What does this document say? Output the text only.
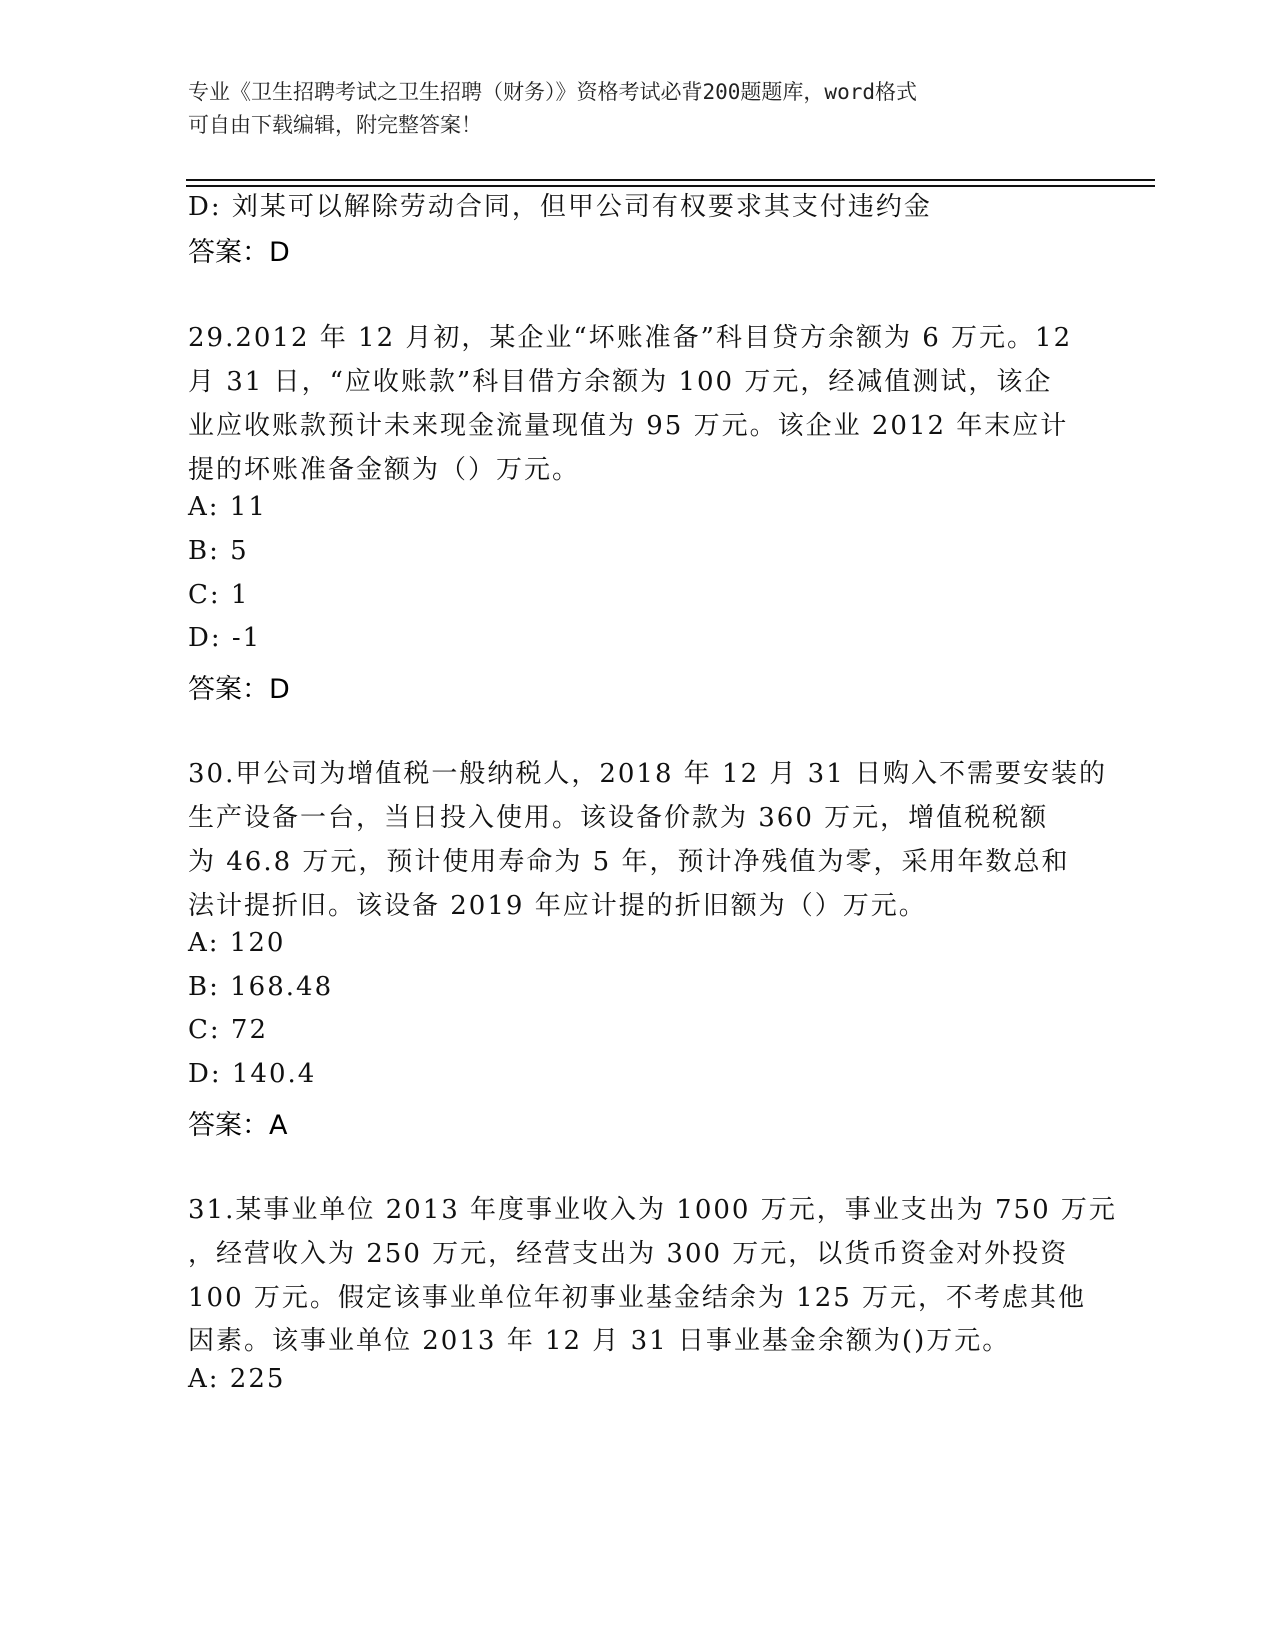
专业《卫生招聘考试之卫生招聘（财务）》资格考试必背200题题库，word格式
可自由下载编辑，附完整答案！
D: 刘某可以解除劳动合同，但甲公司有权要求其支付违约金
答案：D
29.2012 年 12 月初，某企业“坏账准备”科目贷方余额为 6 万元。12
月 31 日，“应收账款”科目借方余额为 100 万元，经减值测试，该企
业应收账款预计未来现金流量现值为 95 万元。该企业 2012 年末应计
提的坏账准备金额为（）万元。
A: 11
B: 5
C: 1
D: -1
答案：D
30.甲公司为增值税一般纳税人，2018 年 12 月 31 日购入不需要安装的
生产设备一台，当日投入使用。该设备价款为 360 万元，增值税税额
为 46.8 万元，预计使用寿命为 5 年，预计净残值为零，采用年数总和
法计提折旧。该设备 2019 年应计提的折旧额为（）万元。
A: 120
B: 168.48
C: 72
D: 140.4
答案：A
31.某事业单位 2013 年度事业收入为 1000 万元，事业支出为 750 万元
，经营收入为 250 万元，经营支出为 300 万元，以货币资金对外投资
100 万元。假定该事业单位年初事业基金结余为 125 万元，不考虑其他
因素。该事业单位 2013 年 12 月 31 日事业基金余额为()万元。
A: 225
